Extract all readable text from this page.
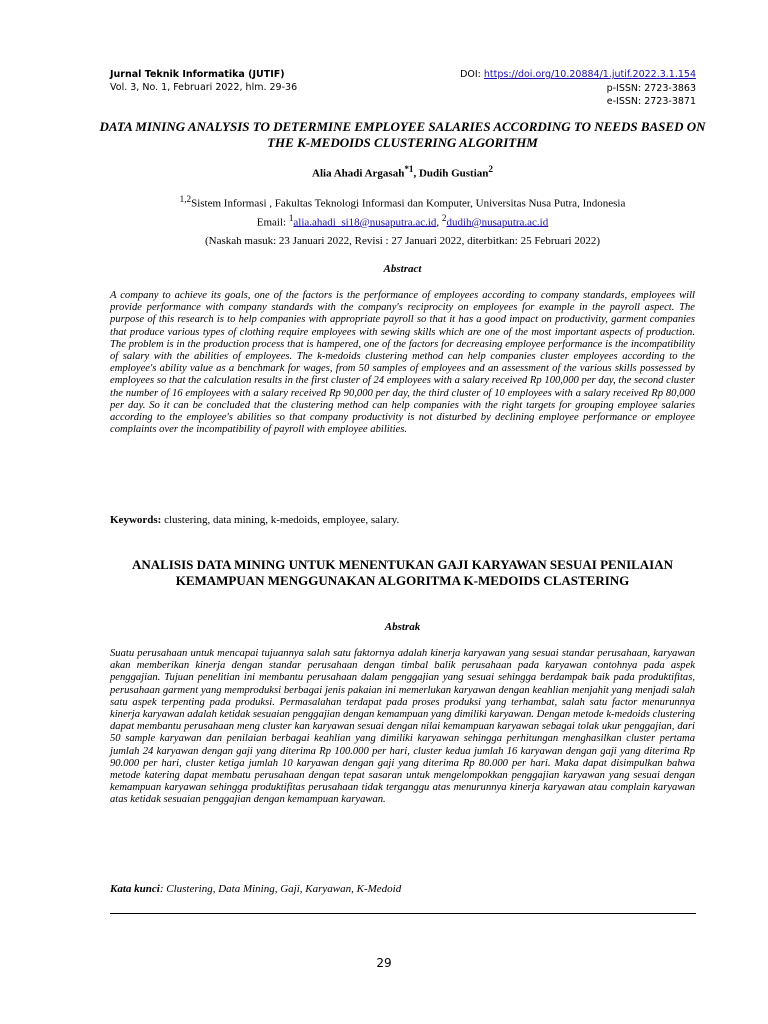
Jurnal Teknik Informatika (JUTIF)
Vol. 3, No. 1, Februari 2022, hlm. 29-36
DOI: https://doi.org/10.20884/1.jutif.2022.3.1.154
p-ISSN: 2723-3863
e-ISSN: 2723-3871
DATA MINING ANALYSIS TO DETERMINE EMPLOYEE SALARIES ACCORDING TO NEEDS BASED ON THE K-MEDOIDS CLUSTERING ALGORITHM
Alia Ahadi Argasah$^{*1}$, Dudih Gustian$^2$
$^{1,2}$Sistem Informasi , Fakultas Teknologi Informasi dan Komputer, Universitas Nusa Putra, Indonesia
Email: $^1$alia.ahadi_si18@nusaputra.ac.id, $^2$dudih@nusaputra.ac.id
(Naskah masuk: 23 Januari 2022, Revisi : 27 Januari 2022, diterbitkan: 25 Februari 2022)
Abstract
A company to achieve its goals, one of the factors is the performance of employees according to company standards, employees will provide performance with company standards with the company's reciprocity on employees for example in the payroll aspect. The purpose of this research is to help companies with appropriate payroll so that it has a good impact on productivity, garment companies that produce various types of clothing require employees with sewing skills which are one of the most important aspects of production. The problem is in the production process that is hampered, one of the factors for decreasing employee performance is the incompatibility of salary with the abilities of employees. The k-medoids clustering method can help companies cluster employees according to the employee's ability value as a benchmark for wages, from 50 samples of employees and an assessment of the various skills possessed by employees so that the calculation results in the first cluster of 24 employees with a salary received Rp 100,000 per day, the second cluster the number of 16 employees with a salary received Rp 90,000 per day, the third cluster of 10 employees with a salary received Rp 80,000 per day. So it can be concluded that the clustering method can help companies with the right targets for grouping employee salaries according to the employee's abilities so that company productivity is not disturbed by declining employee performance or employee complaints over the incompatibility of payroll with employee abilities.
Keywords: clustering, data mining, k-medoids, employee, salary.
ANALISIS DATA MINING UNTUK MENENTUKAN GAJI KARYAWAN SESUAI PENILAIAN KEMAMPUAN MENGGUNAKAN ALGORITMA K-MEDOIDS CLASTERING
Abstrak
Suatu perusahaan untuk mencapai tujuannya salah satu faktornya adalah kinerja karyawan yang sesuai standar perusahaan, karyawan akan memberikan kinerja dengan standar perusahaan dengan timbal balik perusahaan pada karyawan contohnya pada aspek penggajian. Tujuan penelitian ini membantu perusahaan dalam penggajian yang sesuai sehingga berdampak baik pada produktifitas, perusahaan garment yang memproduksi berbagai jenis pakaian ini memerlukan karyawan dengan keahlian menjahit yang menjadi salah satu aspek terpenting pada produksi. Permasalahan terdapat pada proses produksi yang terhambat, salah satu factor menurunnya kinerja karyawan adalah ketidak sesuaian penggajian dengan kemampuan yang dimiliki karyawan. Dengan metode k-medoids clustering dapat membantu perusahaan meng cluster kan karyawan sesuai dengan nilai kemampuan karyawan sebagai tolak ukur penggajian, dari 50 sample karyawan dan penilaian berbagai keahlian yang dimiliki karyawan sehingga perhitungan menghasilkan cluster pertama jumlah 24 karyawan dengan gaji yang diterima Rp 100.000 per hari, cluster kedua jumlah 16 karyawan dengan gaji yang diterima Rp 90.000 per hari, cluster ketiga jumlah 10 karyawan dengan gaji yang diterima Rp 80.000 per hari. Maka dapat disimpulkan bahwa metode katering dapat membatu perusahaan dengan tepat sasaran untuk mengelompokkan penggajian karyawan yang sesuai dengan kemampuan karyawan sehingga produktifitas perusahaan tidak terganggu atas menurunnya kinerja karyawan atau complain karyawan atas ketidak sesuaian penggajian dengan kemampuan karyawan.
Kata kunci: Clustering, Data Mining, Gaji, Karyawan, K-Medoid
29
